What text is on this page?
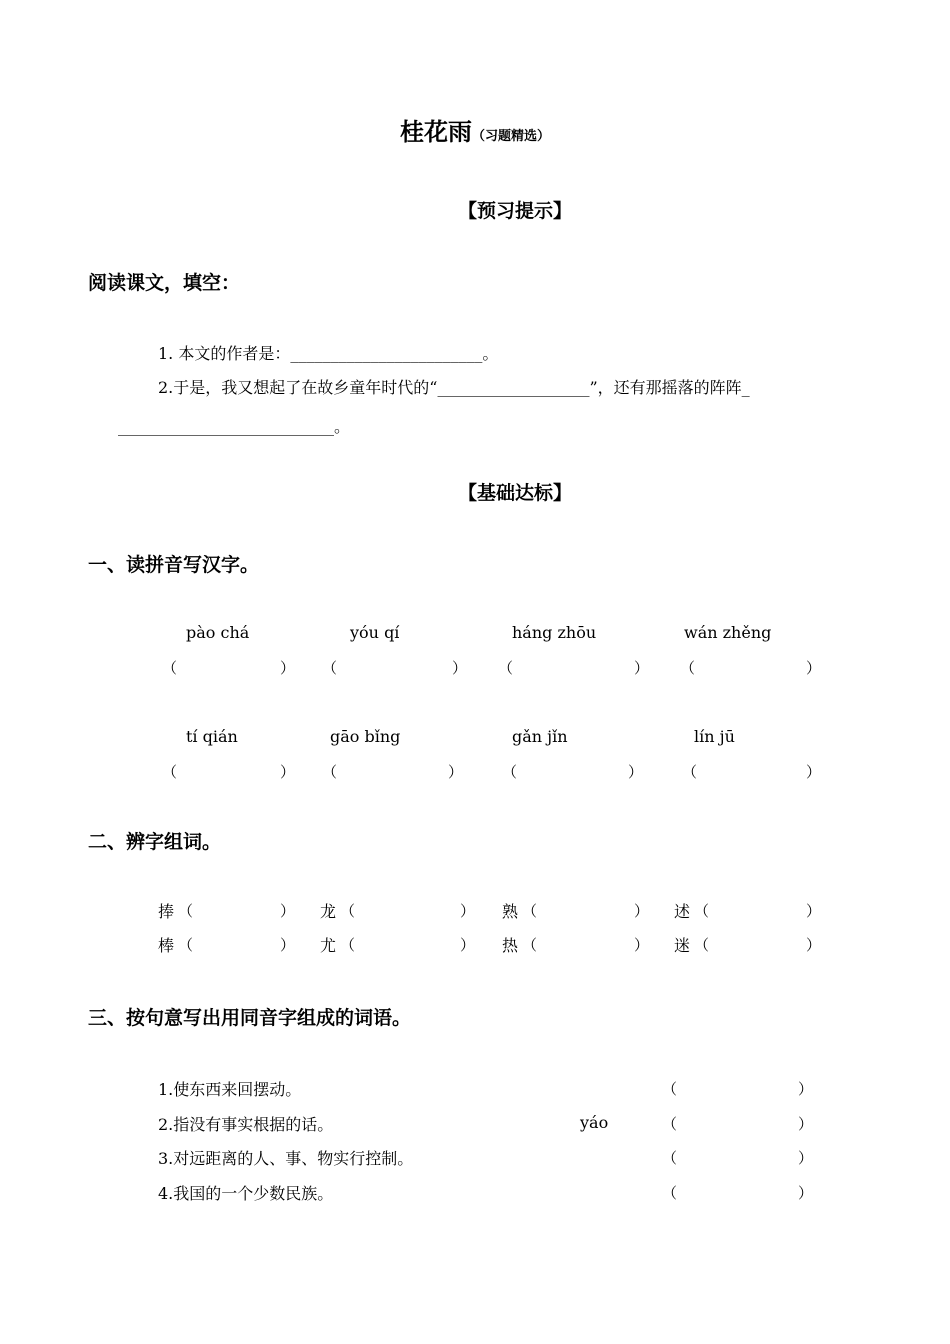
桂花雨（习题精选）
【预习提示】
阅读课文，填空：
1. 本文的作者是：________________________。
2.于是，我又想起了在故乡童年时代的“___________________”，还有那摇落的阵阵_
___________________________。
【基础达标】
一、读拼音写汉字。
pào chá	yóu qí	háng zhōu	wán zhěng
（	） （	） （	） （	）
tí qián	gāo bǐng	gǎn jǐn	lín jū
（	） （	）	（	）	（	）
二、辨字组词。
捧 （	） 龙 （	） 熟 （	） 述 （	）
棒 （	） 尤 （	） 热 （	） 迷 （	）
三、按句意写出用同音字组成的词语。
1.使东西来回摆动。	（	）
2.指没有事实根据的话。	yáo	（	）
3.对远距离的人、事、物实行控制。	（	）
4.我国的一个少数民族。	（	）
